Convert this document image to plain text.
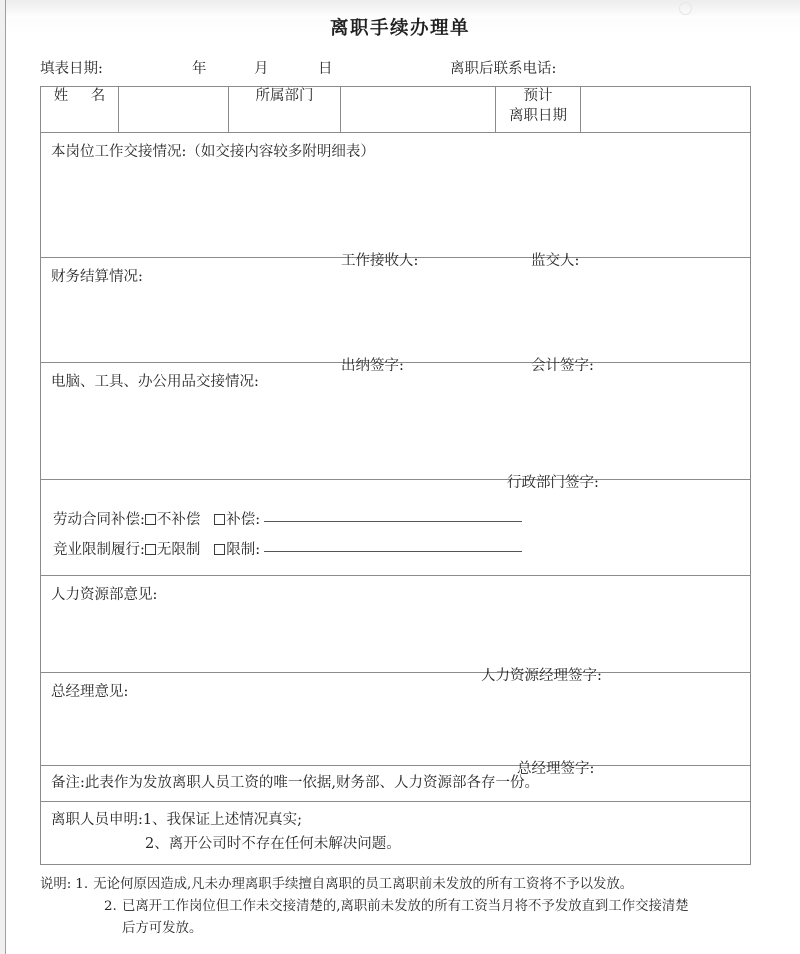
离职手续办理单
填表日期:	年	月	日	离职后联系电话:
姓 名		所属部门		预计
离职日期

本岗位工作交接情况:（如交接内容较多附明细表）
工作接收人:	监交人:

财务结算情况:
出纳签字:	会计签字:

电脑、工具、办公用品交接情况:
行政部门签字:

劳动合同补偿: 不补偿 补偿:
竞业限制履行: 无限制 限制:

人力资源部意见:
人力资源经理签字:

总经理意见:
总经理签字:

备注:此表作为发放离职人员工资的唯一依据,财务部、人力资源部各存一份。

离职人员申明:1、我保证上述情况真实;
2、离开公司时不存在任何未解决问题。
说明: 1. 无论何原因造成,凡未办理离职手续擅自离职的员工离职前未发放的所有工资将不予以发放。
2. 已离开工作岗位但工作未交接清楚的,离职前未发放的所有工资当月将不予发放直到工作交接清楚
后方可发放。
